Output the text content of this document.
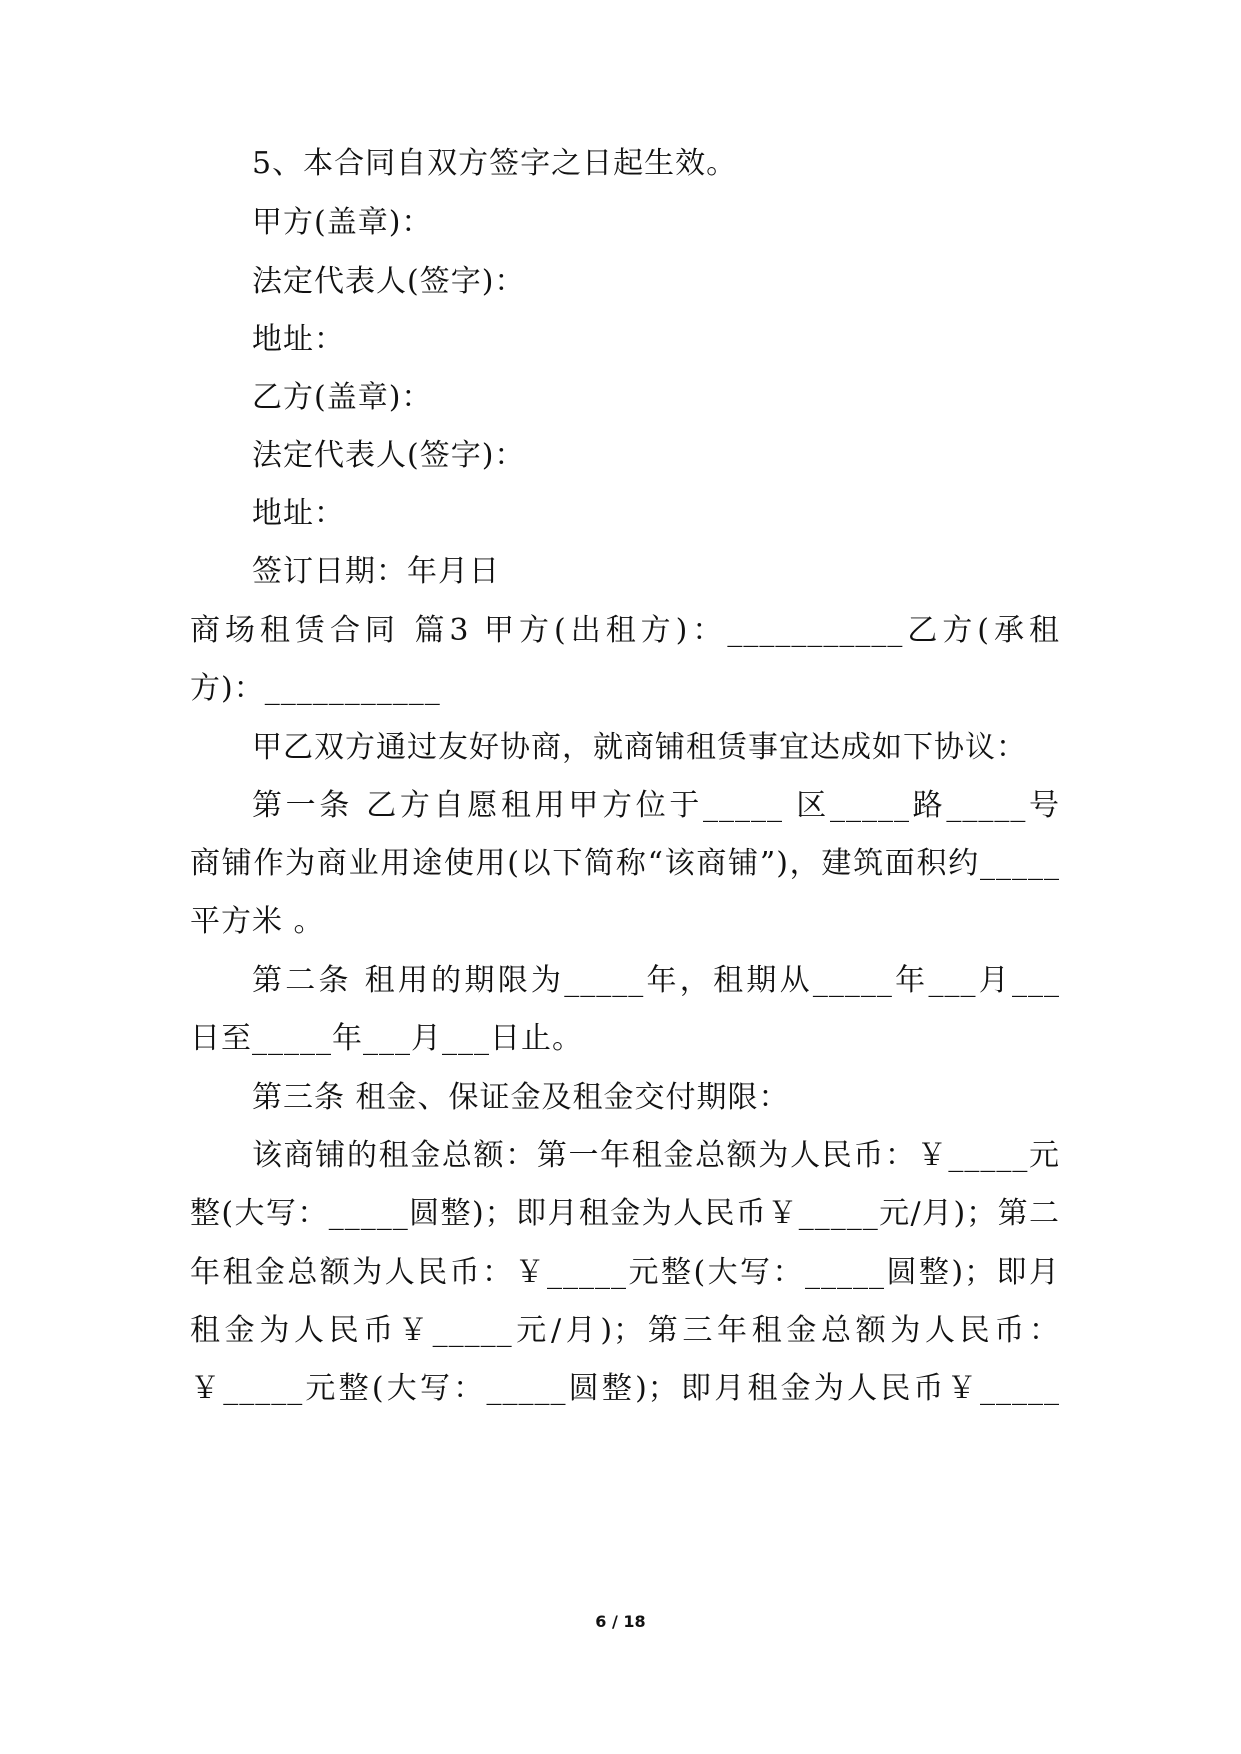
5、本合同自双方签字之日起生效。
甲方(盖章)：
法定代表人(签字)：
地址：
乙方(盖章)：
法定代表人(签字)：
地址：
签订日期：年月日
商场租赁合同 篇3 甲方(出租方)：___________乙方(承租
方)：___________
甲乙双方通过友好协商，就商铺租赁事宜达成如下协议：
第一条 乙方自愿租用甲方位于_____ 区_____路_____号
商铺作为商业用途使用(以下简称“该商铺”)，建筑面积约_____
平方米 。
第二条 租用的期限为_____年，租期从_____年___月___
日至_____年___月___日止。
第三条 租金、保证金及租金交付期限：
该商铺的租金总额：第一年租金总额为人民币：￥_____元
整(大写：_____圆整)；即月租金为人民币￥_____元/月)；第二
年租金总额为人民币：￥_____元整(大写：_____圆整)；即月
租金为人民币￥_____元/月)；第三年租金总额为人民币：
￥_____元整(大写：_____圆整)；即月租金为人民币￥_____
6 / 18
